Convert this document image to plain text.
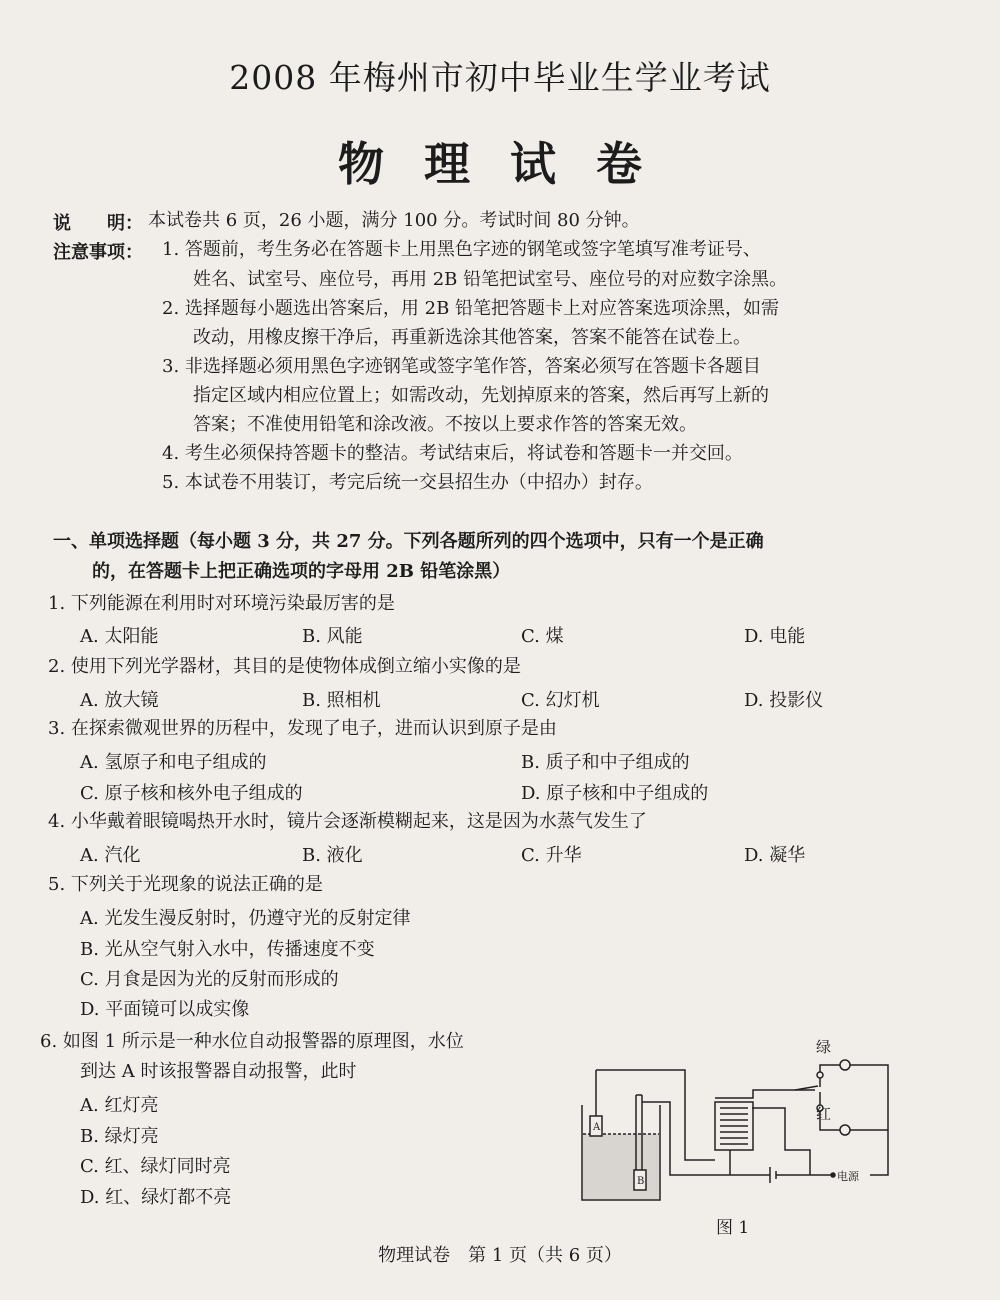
2008 年梅州市初中毕业生学业考试
物理试卷
说　　明： 本试卷共 6 页，26 小题，满分 100 分。考试时间 80 分钟。
注意事项： 1. 答题前，考生务必在答题卡上用黑色字迹的钢笔或签字笔填写准考证号、
姓名、试室号、座位号，再用 2B 铅笔把试室号、座位号的对应数字涂黑。
2. 选择题每小题选出答案后，用 2B 铅笔把答题卡上对应答案选项涂黑，如需
改动，用橡皮擦干净后，再重新选涂其他答案，答案不能答在试卷上。
3. 非选择题必须用黑色字迹钢笔或签字笔作答，答案必须写在答题卡各题目
指定区域内相应位置上；如需改动，先划掉原来的答案，然后再写上新的
答案；不准使用铅笔和涂改液。不按以上要求作答的答案无效。
4. 考生必须保持答题卡的整洁。考试结束后，将试卷和答题卡一并交回。
5. 本试卷不用装订，考完后统一交县招生办（中招办）封存。
一、单项选择题（每小题 3 分，共 27 分。下列各题所列的四个选项中，只有一个是正确
的，在答题卡上把正确选项的字母用 2B 铅笔涂黑）
1. 下列能源在利用时对环境污染最厉害的是
A. 太阳能	B. 风能	C. 煤	D. 电能
2. 使用下列光学器材，其目的是使物体成倒立缩小实像的是
A. 放大镜	B. 照相机	C. 幻灯机	D. 投影仪
3. 在探索微观世界的历程中，发现了电子，进而认识到原子是由
A. 氢原子和电子组成的	B. 质子和中子组成的
C. 原子核和核外电子组成的	D. 原子核和中子组成的
4. 小华戴着眼镜喝热开水时，镜片会逐渐模糊起来，这是因为水蒸气发生了
A. 汽化	B. 液化	C. 升华	D. 凝华
5. 下列关于光现象的说法正确的是
A. 光发生漫反射时，仍遵守光的反射定律
B. 光从空气射入水中，传播速度不变
C. 月食是因为光的反射而形成的
D. 平面镜可以成实像
6. 如图 1 所示是一种水位自动报警器的原理图，水位
到达 A 时该报警器自动报警，此时
A. 红灯亮
B. 绿灯亮
C. 红、绿灯同时亮
D. 红、绿灯都不亮
绿
红
电源
A
B
图 1
物理试卷　第 1 页（共 6 页）
